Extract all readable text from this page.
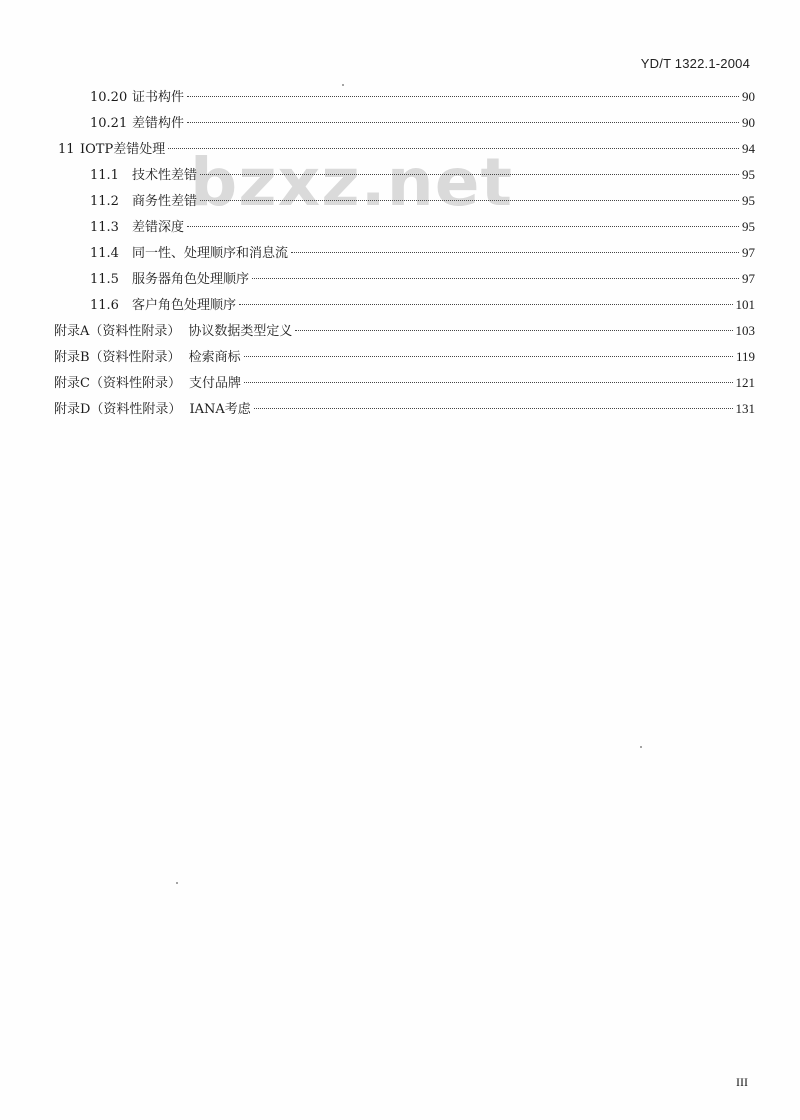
YD/T 1322.1-2004
bzxz.net
10.20 证书构件	90
10.21 差错构件	90
11 IOTP差错处理	94
11.1	技术性差错	95
11.2	商务性差错	95
11.3	差错深度	95
11.4	同一性、处理顺序和消息流	97
11.5	服务器角色处理顺序	97
11.6	客户角色处理顺序	101
附录A（资料性附录） 协议数据类型定义	103
附录B（资料性附录） 检索商标	119
附录C（资料性附录） 支付品牌	121
附录D（资料性附录） IANA考虑	131
III
